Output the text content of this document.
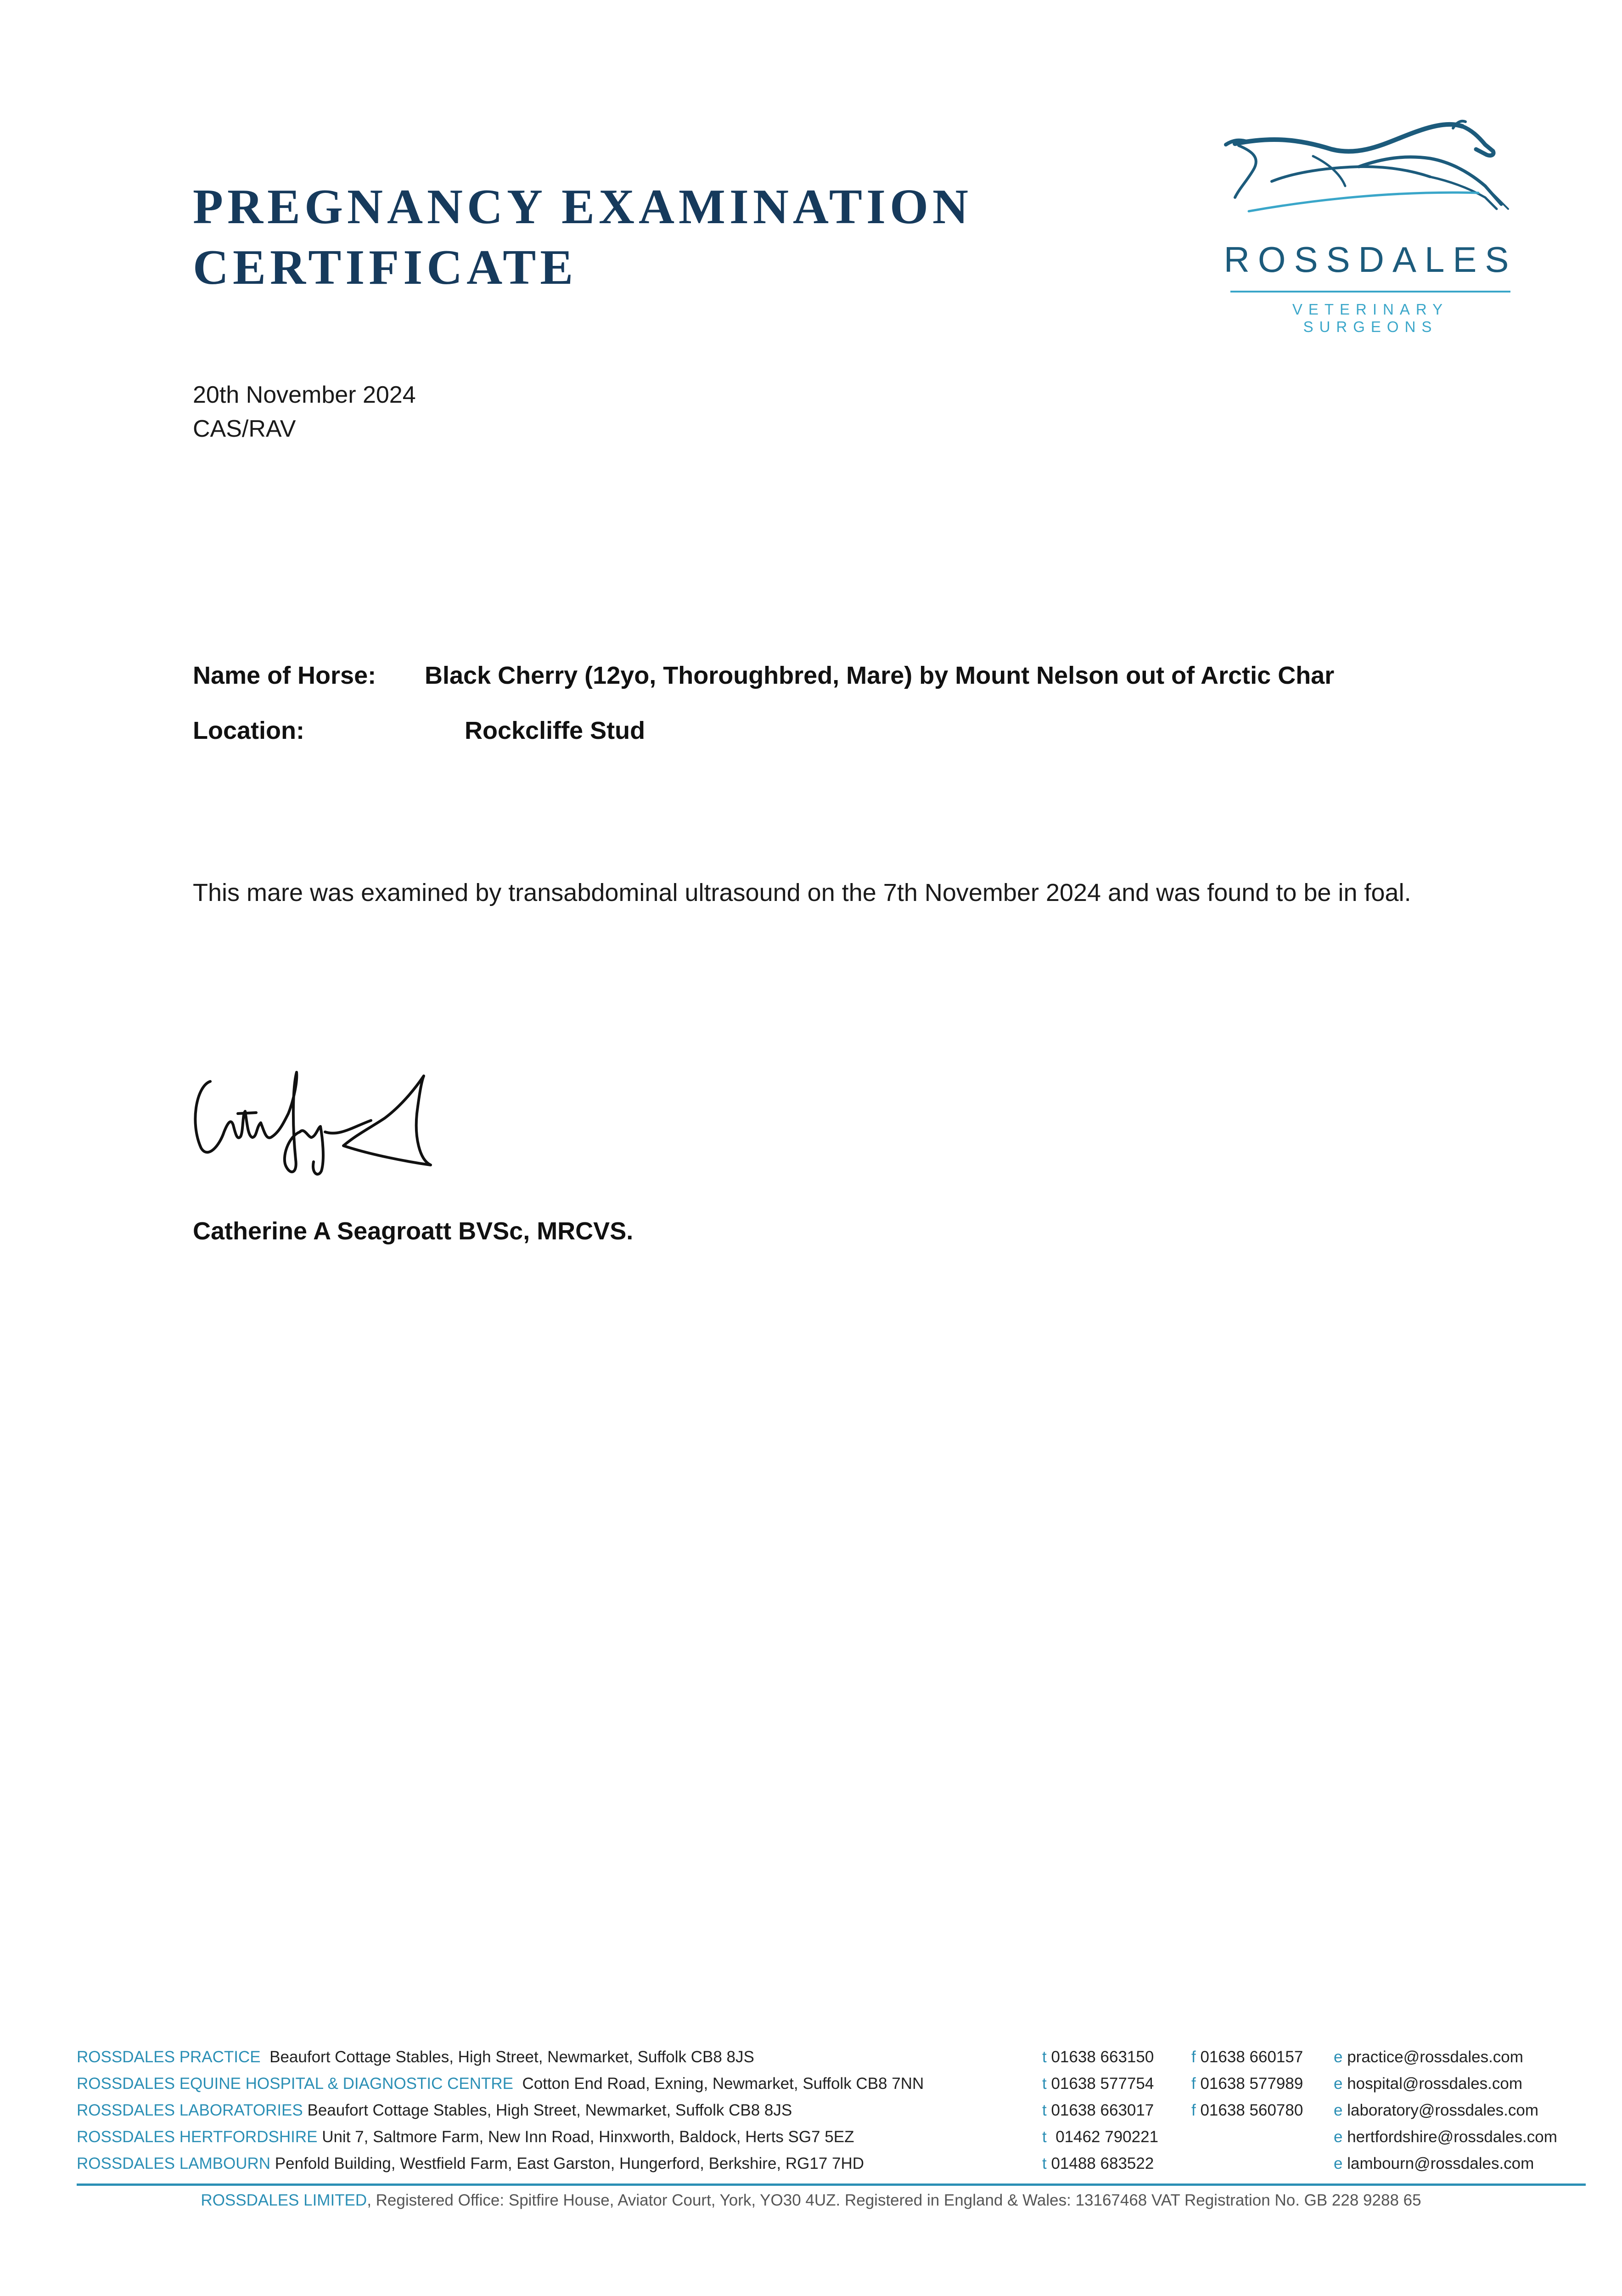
PREGNANCY EXAMINATION
CERTIFICATE	ROSSDALES
VETERINARY SURGEONS
20th November 2024
CAS/RAV
Name of Horse: Black Cherry (12yo, Thoroughbred, Mare) by Mount Nelson out of Arctic Char
Location:	Rockcliffe Stud

This mare was examined by transabdominal ultrasound on the 7th November 2024 and was found to be in foal.

Catherine A Seagroatt BVSc, MRCVS.
ROSSDALES PRACTICE Beaufort Cottage Stables, High Street, Newmarket, Suffolk CB8 8JS	t 01638 663150 f 01638 660157 e practice@rossdales.com
ROSSDALES EQUINE HOSPITAL & DIAGNOSTIC CENTRE Cotton End Road, Exning, Newmarket, Suffolk CB8 7NN	t 01638 577754 f 01638 577989 e hospital@rossdales.com
ROSSDALES LABORATORIES Beaufort Cottage Stables, High Street, Newmarket, Suffolk CB8 8JS	t 01638 663017 f 01638 560780 e laboratory@rossdales.com
ROSSDALES HERTFORDSHIRE Unit 7, Saltmore Farm, New Inn Road, Hinxworth, Baldock, Herts SG7 5EZ	t 01462 790221	e hertfordshire@rossdales.com
ROSSDALES LAMBOURN Penfold Building, Westfield Farm, East Garston, Hungerford, Berkshire, RG17 7HD	t 01488 683522	e lambourn@rossdales.com
ROSSDALES LIMITED, Registered Office: Spitfire House, Aviator Court, York, YO30 4UZ. Registered in England & Wales: 13167468 VAT Registration No. GB 228 9288 65
